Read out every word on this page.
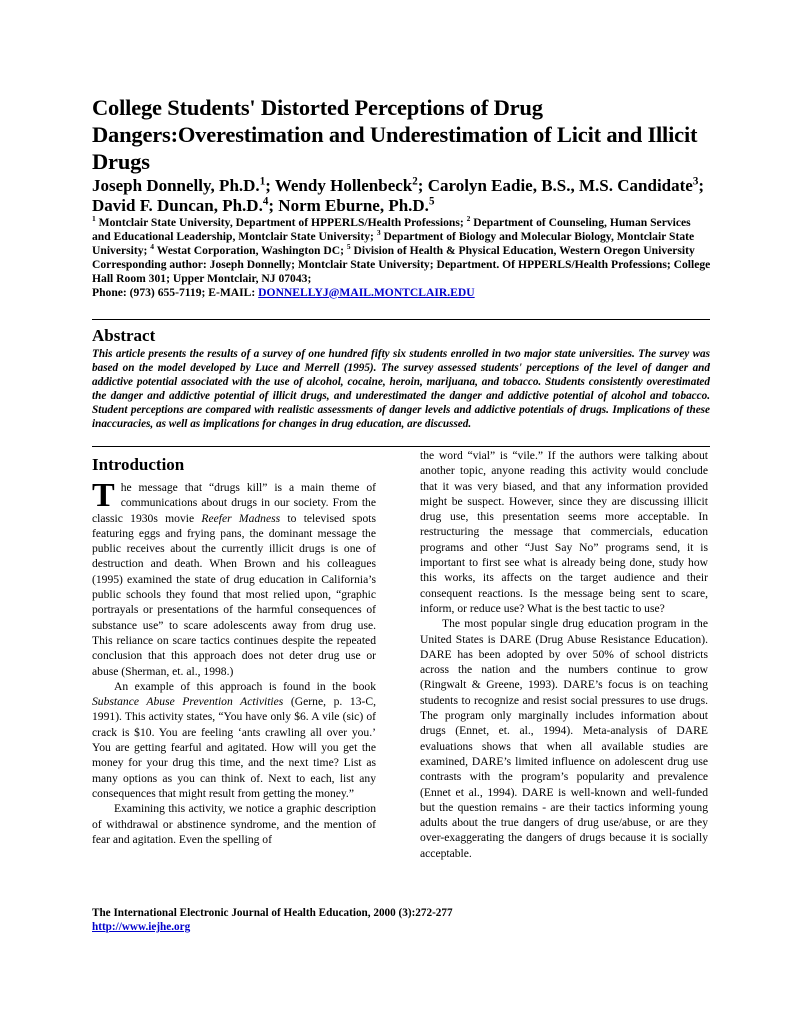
College Students' Distorted Perceptions of Drug Dangers:Overestimation and Underestimation of Licit and Illicit Drugs
Joseph Donnelly, Ph.D.$^1$; Wendy Hollenbeck$^2$; Carolyn Eadie, B.S., M.S. Candidate$^3$; David F. Duncan, Ph.D.$^4$; Norm Eburne, Ph.D.$^5$
$^1$ Montclair State University, Department of HPPERLS/Health Professions; $^2$ Department of Counseling, Human Services and Educational Leadership, Montclair State University; $^3$ Department of Biology and Molecular Biology, Montclair State University; $^4$ Westat Corporation, Washington DC; $^5$ Division of Health & Physical Education, Western Oregon University
Corresponding author: Joseph Donnelly; Montclair State University; Department. Of HPPERLS/Health Professions; College Hall Room 301; Upper Montclair, NJ 07043;
Phone: (973) 655-7119; E-MAIL: DONNELLYJ@MAIL.MONTCLAIR.EDU
Abstract
This article presents the results of a survey of one hundred fifty six students enrolled in two major state universities. The survey was based on the model developed by Luce and Merrell (1995). The survey assessed students' perceptions of the level of danger and addictive potential associated with the use of alcohol, cocaine, heroin, marijuana, and tobacco. Students consistently overestimated the danger and addictive potential of illicit drugs, and underestimated the danger and addictive potential of alcohol and tobacco. Student perceptions are compared with realistic assessments of danger levels and addictive potentials of drugs. Implications of these inaccuracies, as well as implications for changes in drug education, are discussed.
Introduction

The message that “drugs kill” is a main theme of communications about drugs in our society. From the classic 1930s movie Reefer Madness to televised spots featuring eggs and frying pans, the dominant message the public receives about the currently illicit drugs is one of destruction and death. When Brown and his colleagues (1995) examined the state of drug education in California’s public schools they found that most relied upon, “graphic portrayals or presentations of the harmful consequences of substance use” to scare adolescents away from drug use. This reliance on scare tactics continues despite the repeated conclusion that this approach does not deter drug use or abuse (Sherman, et. al., 1998.)

An example of this approach is found in the book Substance Abuse Prevention Activities (Gerne, p. 13-C, 1991). This activity states, “You have only $6. A vile (sic) of crack is $10. You are feeling ‘ants crawling all over you.’ You are getting fearful and agitated. How will you get the money for your drug this time, and the next time? List as many options as you can think of. Next to each, list any consequences that might result from getting the money.”

Examining this activity, we notice a graphic description of withdrawal or abstinence syndrome, and the mention of fear and agitation. Even the spelling of

the word “vial” is “vile.” If the authors were talking about another topic, anyone reading this activity would conclude that it was very biased, and that any information provided might be suspect. However, since they are discussing illicit drug use, this presentation seems more acceptable. In restructuring the message that commercials, education programs and other “Just Say No” programs send, it is important to first see what is already being done, study how this works, its affects on the target audience and their consequent reactions. Is the message being sent to scare, inform, or reduce use? What is the best tactic to use?

The most popular single drug education program in the United States is DARE (Drug Abuse Resistance Education). DARE has been adopted by over 50% of school districts across the nation and the numbers continue to grow (Ringwalt & Greene, 1993). DARE’s focus is on teaching students to recognize and resist social pressures to use drugs. The program only marginally includes information about drugs (Ennet, et. al., 1994). Meta-analysis of DARE evaluations shows that when all available studies are examined, DARE’s limited influence on adolescent drug use contrasts with the program’s popularity and prevalence (Ennet et al., 1994). DARE is well-known and well-funded but the question remains - are their tactics informing young adults about the true dangers of drug use/abuse, or are they over-exaggerating the dangers of drugs because it is socially acceptable.

The International Electronic Journal of Health Education, 2000 (3):272-277
http://www.iejhe.org
